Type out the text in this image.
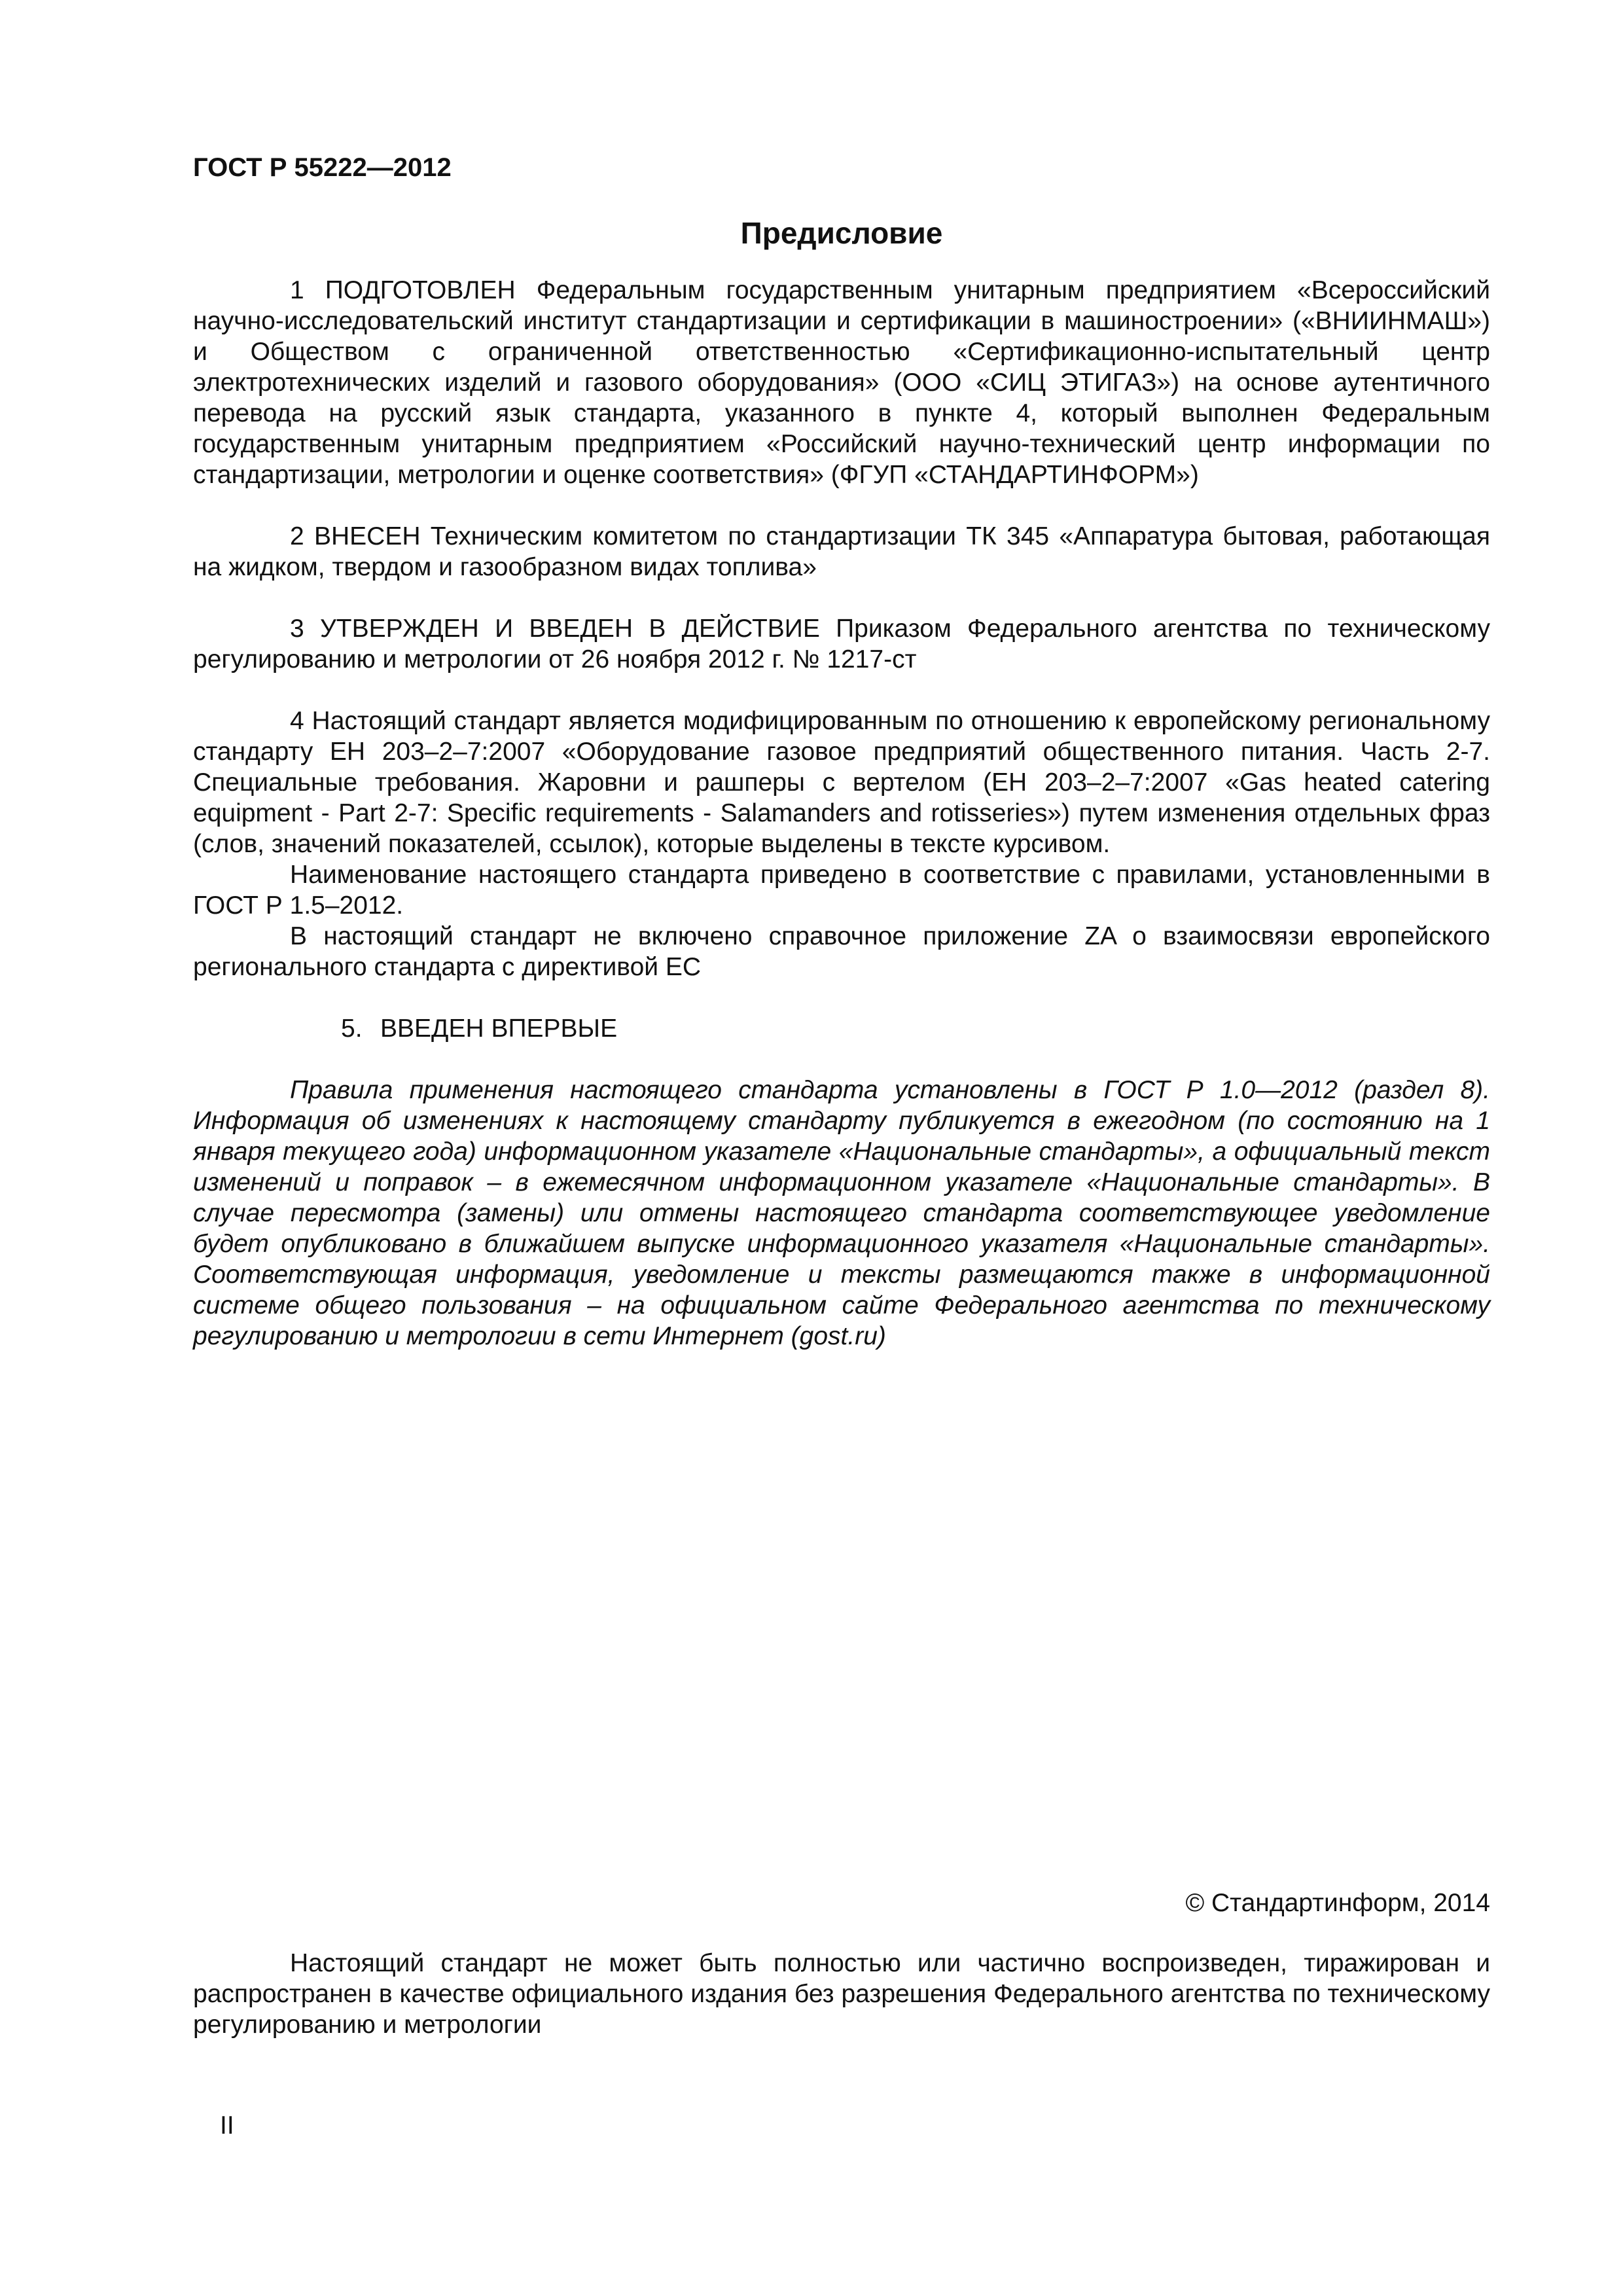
ГОСТ Р 55222—2012
Предисловие

1 ПОДГОТОВЛЕН Федеральным государственным унитарным предприятием «Всероссийский научно-исследовательский институт стандартизации и сертификации в машиностроении» («ВНИИНМАШ») и Обществом с ограниченной ответственностью «Сертификационно-испытательный центр электротехнических изделий и газового оборудования» (ООО «СИЦ ЭТИГАЗ») на основе аутентичного перевода на русский язык стандарта, указанного в пункте 4, который выполнен Федеральным государственным унитарным предприятием «Российский научно-технический центр информации по стандартизации, метрологии и оценке соответствия» (ФГУП «СТАНДАРТИНФОРМ»)

2 ВНЕСЕН Техническим комитетом по стандартизации ТК 345 «Аппаратура бытовая, работающая на жидком, твердом и газообразном видах топлива»

3 УТВЕРЖДЕН И ВВЕДЕН В ДЕЙСТВИЕ Приказом Федерального агентства по техническому регулированию и метрологии от 26 ноября 2012 г. № 1217-ст

4 Настоящий стандарт является модифицированным по отношению к европейскому региональному стандарту ЕН 203–2–7:2007 «Оборудование газовое предприятий общественного питания. Часть 2-7. Специальные требования. Жаровни и рашперы с вертелом (ЕН 203–2–7:2007 «Gas heated catering equipment - Part 2-7: Specific requirements - Salamanders and rotisseries») путем изменения отдельных фраз (слов, значений показателей, ссылок), которые выделены в тексте курсивом.

Наименование настоящего стандарта приведено в соответствие с правилами, установленными в ГОСТ Р 1.5–2012.

В настоящий стандарт не включено справочное приложение ZA о взаимосвязи европейского регионального стандарта с директивой ЕС

5. ВВЕДЕН ВПЕРВЫЕ

Правила применения настоящего стандарта установлены в ГОСТ Р 1.0—2012 (раздел 8). Информация об изменениях к настоящему стандарту публикуется в ежегодном (по состоянию на 1 января текущего года) информационном указателе «Национальные стандарты», а официальный текст изменений и поправок – в ежемесячном информационном указателе «Национальные стандарты». В случае пересмотра (замены) или отмены настоящего стандарта соответствующее уведомление будет опубликовано в ближайшем выпуске информационного указателя «Национальные стандарты». Соответствующая информация, уведомление и тексты размещаются также в информационной системе общего пользования – на официальном сайте Федерального агентства по техническому регулированию и метрологии в сети Интернет (gost.ru)

© Стандартинформ, 2014

Настоящий стандарт не может быть полностью или частично воспроизведен, тиражирован и распространен в качестве официального издания без разрешения Федерального агентства по техническому регулированию и метрологии

II
